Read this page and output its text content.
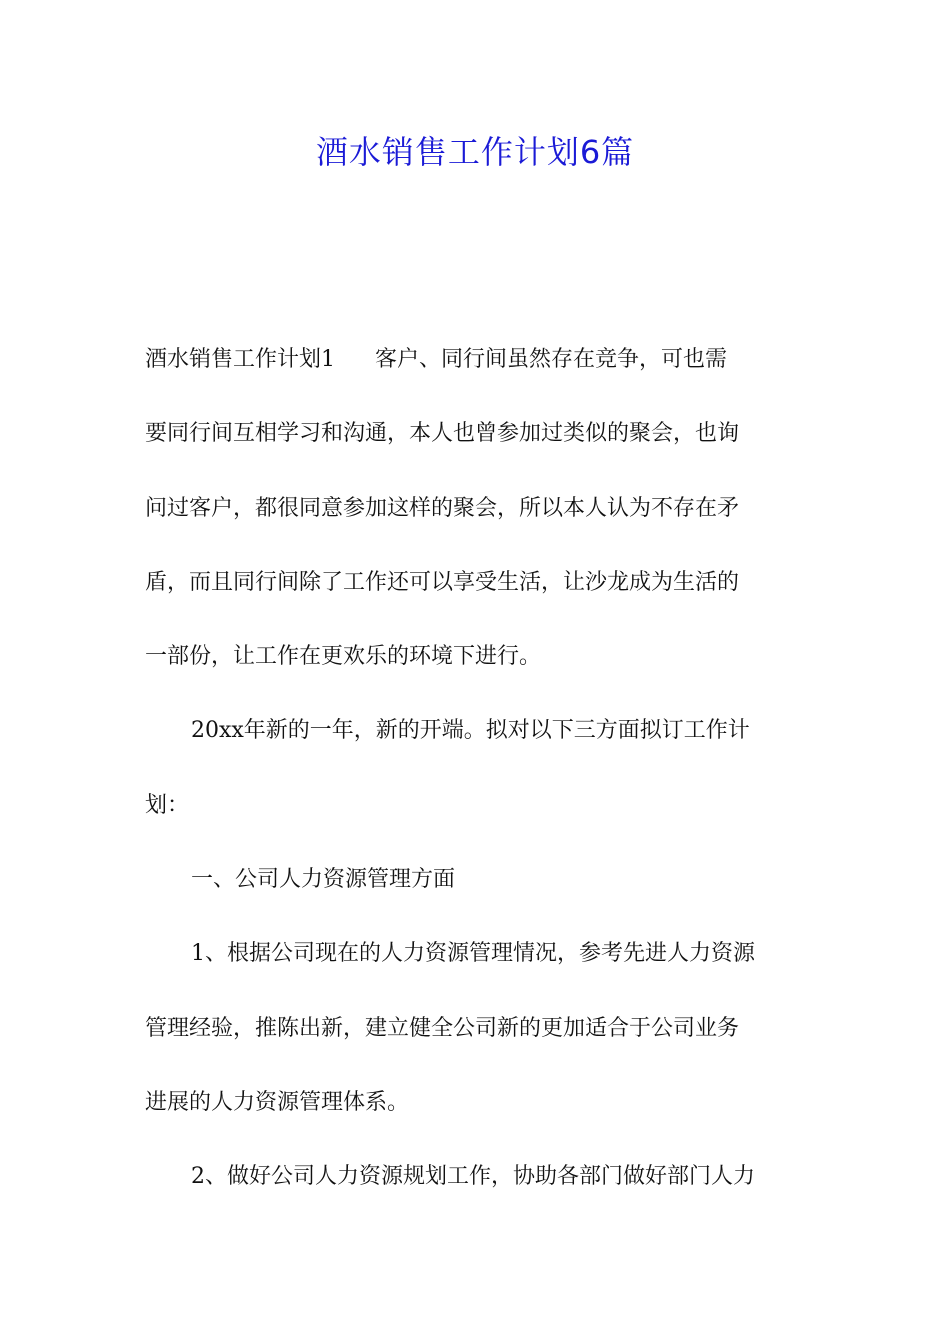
酒水销售工作计划6篇
酒水销售工作计划1 客户、同行间虽然存在竞争，可也需
要同行间互相学习和沟通，本人也曾参加过类似的聚会，也询
问过客户，都很同意参加这样的聚会，所以本人认为不存在矛
盾，而且同行间除了工作还可以享受生活，让沙龙成为生活的
一部份，让工作在更欢乐的环境下进行。
20xx年新的一年，新的开端。拟对以下三方面拟订工作计
划：
一、公司人力资源管理方面
1、根据公司现在的人力资源管理情况，参考先进人力资源
管理经验，推陈出新，建立健全公司新的更加适合于公司业务
进展的人力资源管理体系。
2、做好公司人力资源规划工作，协助各部门做好部门人力
